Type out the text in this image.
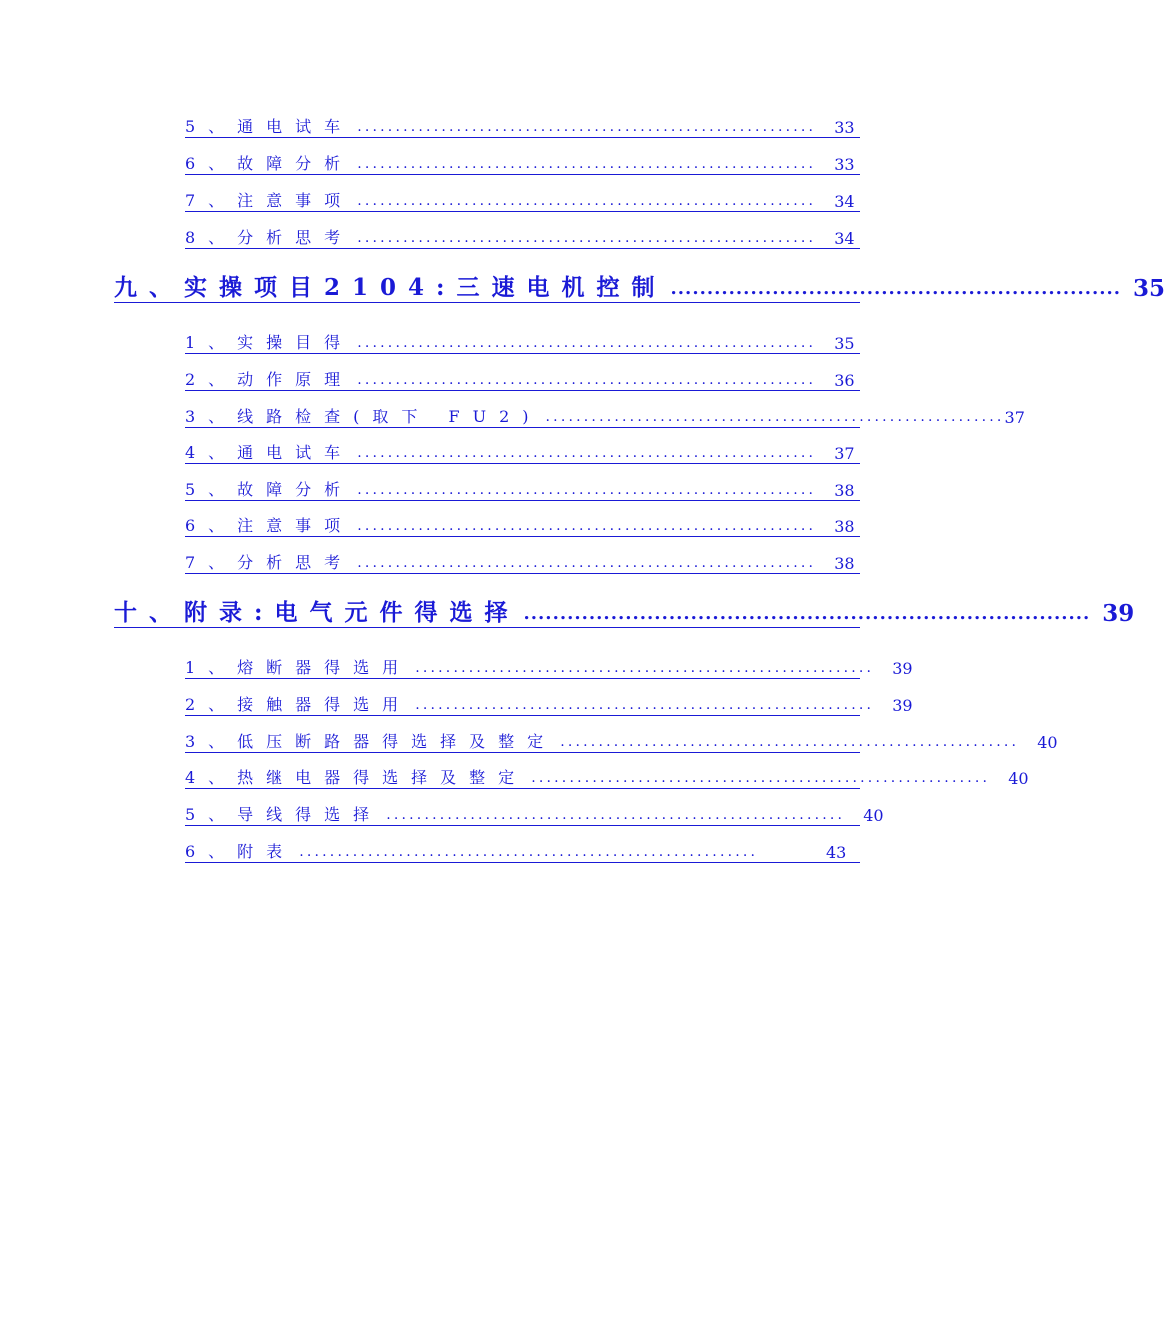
5、通电试车 ............................................................	33
6、故障分析 ............................................................	33
7、注意事项 ............................................................	34
8、分析思考 ............................................................	34
九、实操项目2104:三速电机控制 .............................................................. 35
1、实操目得 ............................................................	35
2、动作原理 ............................................................	36
3、线路检查(取下 FU2) ............................................................ 37
4、通电试车 ............................................................	37
5、故障分析 ............................................................	38
6、注意事项 ............................................................	38
7、分析思考 ............................................................	38
十、附录:电气元件得选择 .............................................................................. 39
1、熔断器得选用 ............................................................	39
2、接触器得选用 ............................................................	39
3、低压断路器得选择及整定 ............................................................	40
4、热继电器得选择及整定 ............................................................	40
5、导线得选择 ............................................................	40
6、附表 ............................................................	43
